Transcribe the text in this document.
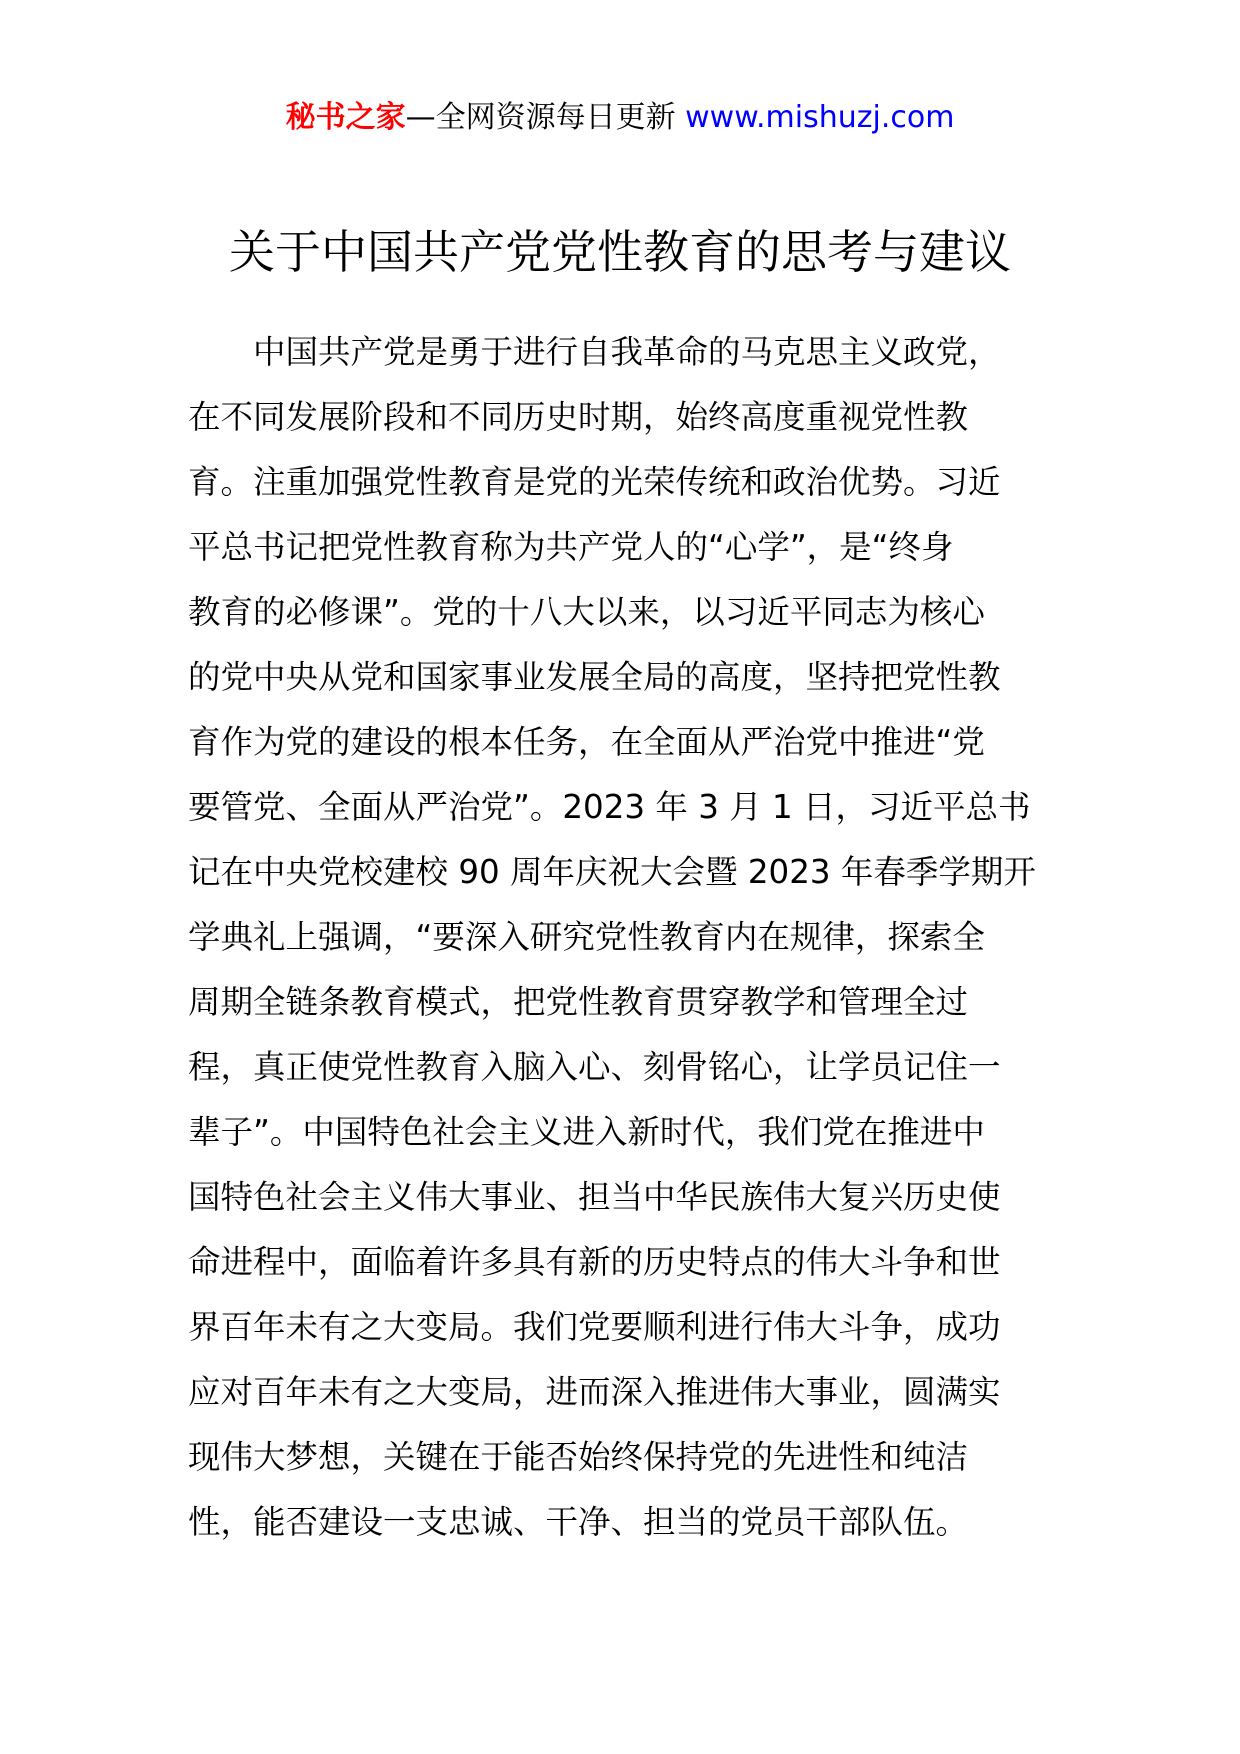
秘书之家—全网资源每日更新 www.mishuzj.com
关于中国共产党党性教育的思考与建议
中国共产党是勇于进行自我革命的马克思主义政党，
在不同发展阶段和不同历史时期，始终高度重视党性教
育。注重加强党性教育是党的光荣传统和政治优势。习近
平总书记把党性教育称为共产党人的“心学”，是“终身
教育的必修课”。党的十八大以来，以习近平同志为核心
的党中央从党和国家事业发展全局的高度，坚持把党性教
育作为党的建设的根本任务，在全面从严治党中推进“党
要管党、全面从严治党”。2023 年 3 月 1 日，习近平总书
记在中央党校建校 90 周年庆祝大会暨 2023 年春季学期开
学典礼上强调，“要深入研究党性教育内在规律，探索全
周期全链条教育模式，把党性教育贯穿教学和管理全过
程，真正使党性教育入脑入心、刻骨铭心，让学员记住一
辈子”。中国特色社会主义进入新时代，我们党在推进中
国特色社会主义伟大事业、担当中华民族伟大复兴历史使
命进程中，面临着许多具有新的历史特点的伟大斗争和世
界百年未有之大变局。我们党要顺利进行伟大斗争，成功
应对百年未有之大变局，进而深入推进伟大事业，圆满实
现伟大梦想，关键在于能否始终保持党的先进性和纯洁
性，能否建设一支忠诚、干净、担当的党员干部队伍。
